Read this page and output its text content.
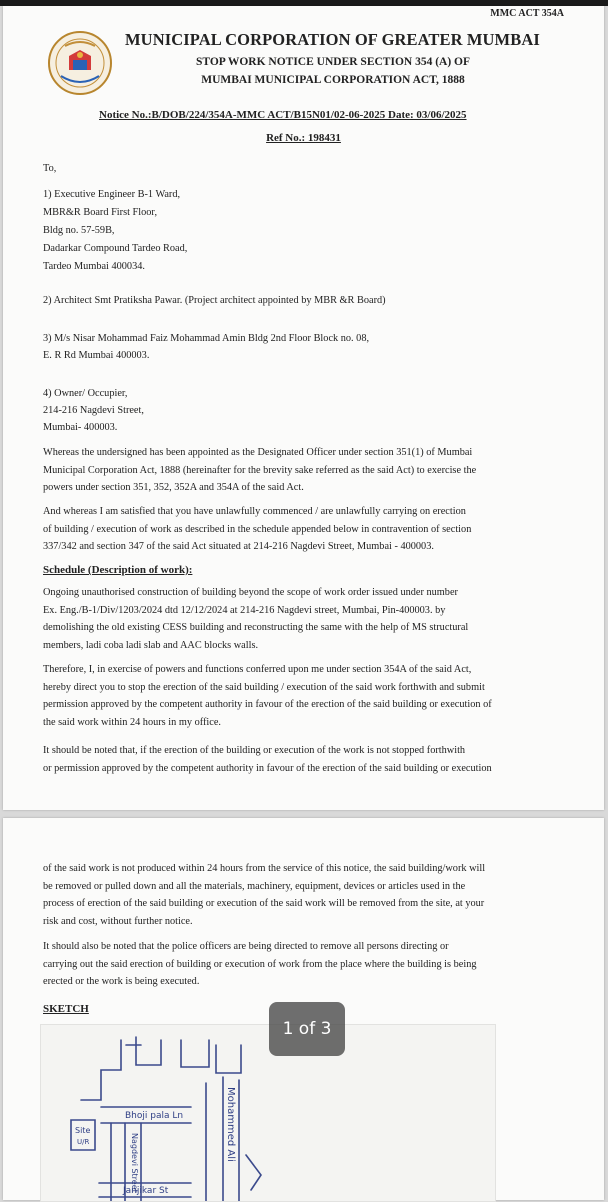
MMC ACT 354A
MUNICIPAL CORPORATION OF GREATER MUMBAI
STOP WORK NOTICE UNDER SECTION 354 (A) OF
MUMBAI MUNICIPAL CORPORATION ACT, 1888
Notice No.:B/DOB/224/354A-MMC ACT/B15N01/02-06-2025 Date: 03/06/2025
Ref No.: 198431
To,
1) Executive Engineer B-1 Ward,
MBR&R Board First Floor,
Bldg no. 57-59B,
Dadarkar Compound Tardeo Road,
Tardeo Mumbai 400034.
2) Architect Smt Pratiksha Pawar. (Project architect appointed by MBR &R Board)
3) M/s Nisar Mohammad Faiz Mohammad Amin Bldg 2nd Floor Block no. 08,
E. R Rd Mumbai 400003.
4) Owner/ Occupier,
214-216 Nagdevi Street,
Mumbai- 400003.
Whereas the undersigned has been appointed as the Designated Officer under section 351(1) of Mumbai
Municipal Corporation Act, 1888 (hereinafter for the brevity sake referred as the said Act) to exercise the
powers under section 351, 352, 352A and 354A of the said Act.
And whereas I am satisfied that you have unlawfully commenced / are unlawfully carrying on erection
of building / execution of work as described in the schedule appended below in contravention of section
337/342 and section 347 of the said Act situated at 214-216 Nagdevi Street, Mumbai - 400003.
Schedule (Description of work):
Ongoing unauthorised construction of building beyond the scope of work order issued under number
Ex. Eng./B-1/Div/1203/2024 dtd 12/12/2024 at 214-216 Nagdevi street, Mumbai, Pin-400003. by
demolishing the old existing CESS building and reconstructing the same with the help of MS structural
members, ladi coba ladi slab and AAC blocks walls.
Therefore, I, in exercise of powers and functions conferred upon me under section 354A of the said Act,
hereby direct you to stop the erection of the said building / execution of the said work forthwith and submit
permission approved by the competent authority in favour of the erection of the said building or execution of
the said work within 24 hours in my office.
It should be noted that, if the erection of the building or execution of the work is not stopped forthwith
or permission approved by the competent authority in favour of the erection of the said building or execution
of the said work is not produced within 24 hours from the service of this notice, the said building/work will
be removed or pulled down and all the materials, machinery, equipment, devices or articles used in the
process of erection of the said building or execution of the said work will be removed from the site, at your
risk and cost, without further notice.
It should also be noted that the police officers are being directed to remove all persons directing or
carrying out the said erection of building or execution of work from the place where the building is being
erected or the work is being executed.
SKETCH
Bhoji pala Ln
Site
U/R	Nagdevi Street
Mohammed Ali
Janjikar St
1 of 3
